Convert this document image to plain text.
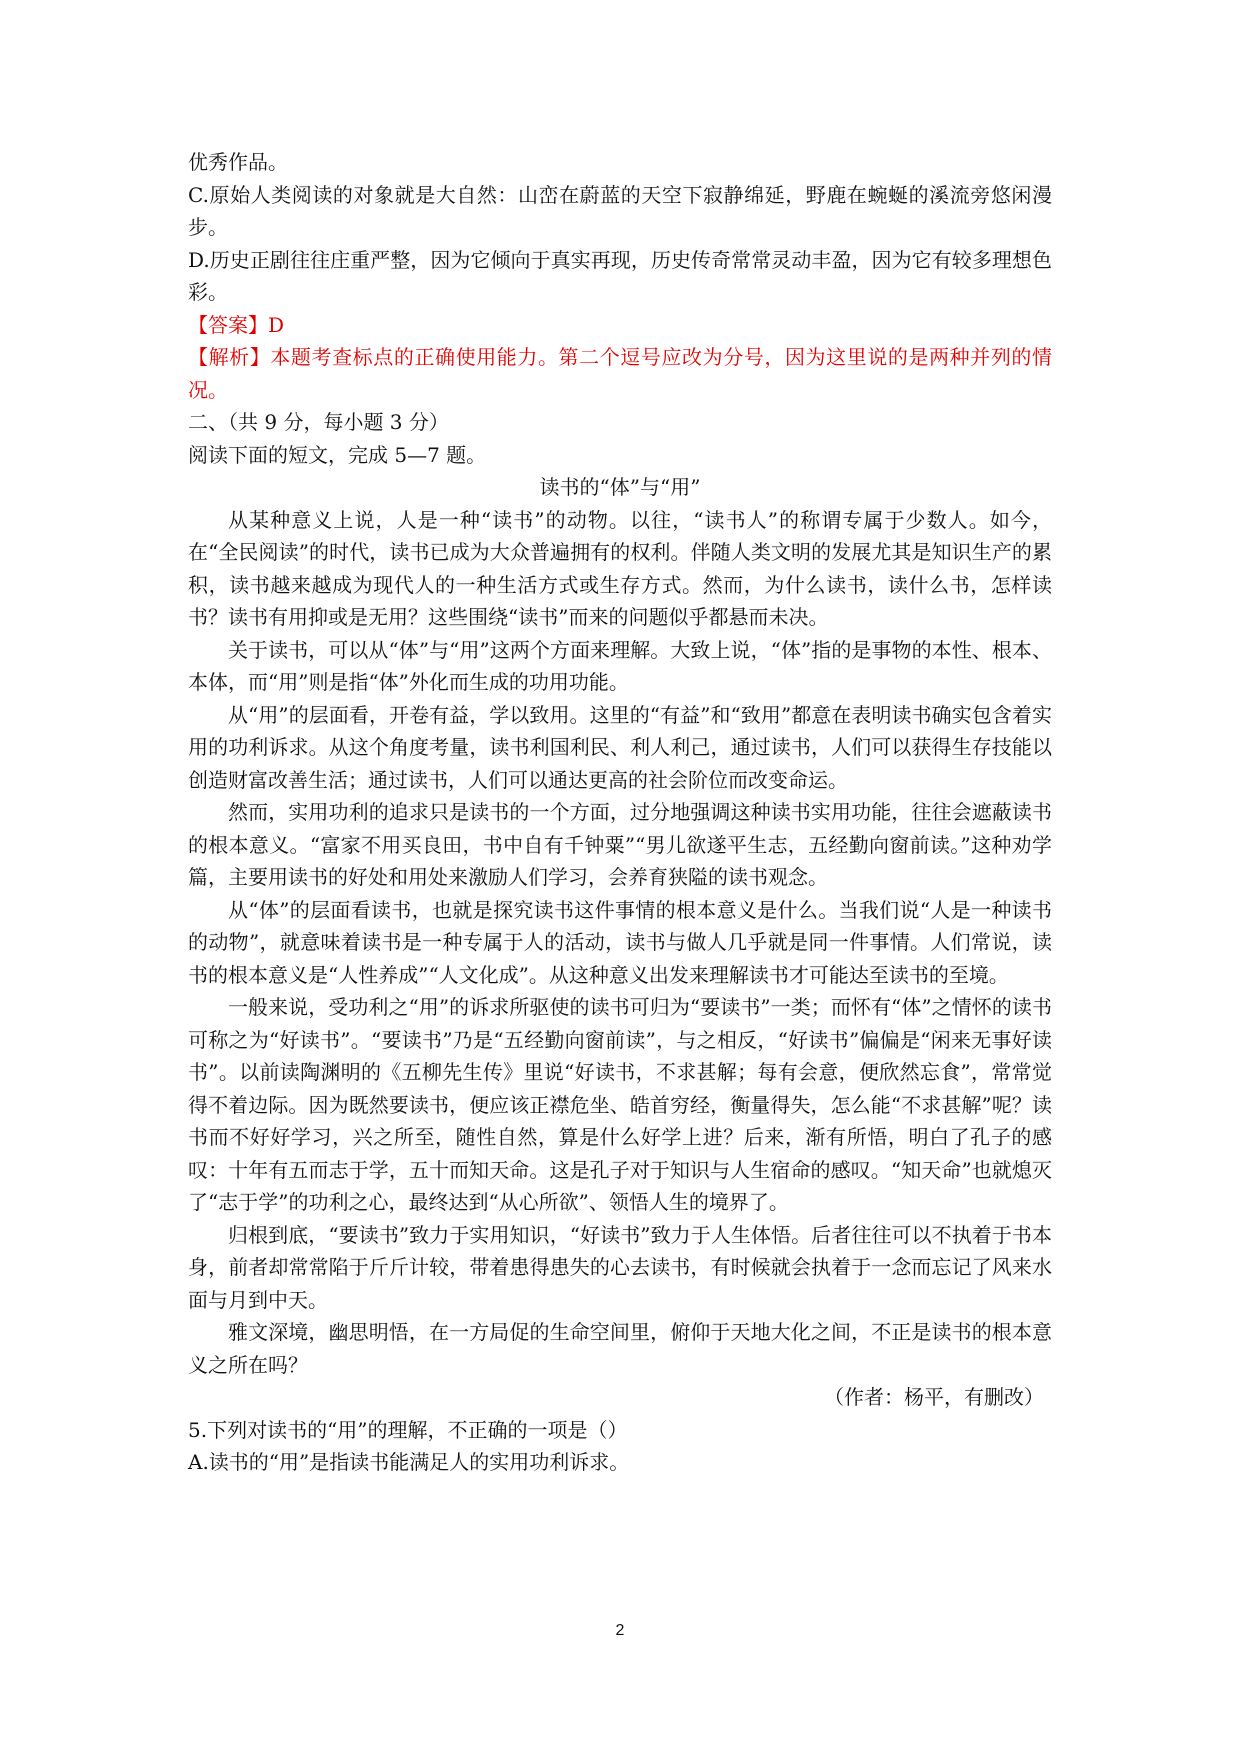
优秀作品。

C.原始人类阅读的对象就是大自然：山峦在蔚蓝的天空下寂静绵延，野鹿在蜿蜒的溪流旁悠闲漫步。

D.历史正剧往往庄重严整，因为它倾向于真实再现，历史传奇常常灵动丰盈，因为它有较多理想色彩。

【答案】D

【解析】本题考查标点的正确使用能力。第二个逗号应改为分号，因为这里说的是两种并列的情况。

二、（共 9 分，每小题 3 分）

阅读下面的短文，完成 5—7 题。

读书的“体”与“用”

从某种意义上说，人是一种“读书”的动物。以往，“读书人”的称谓专属于少数人。如今，在“全民阅读”的时代，读书已成为大众普遍拥有的权利。伴随人类文明的发展尤其是知识生产的累积，读书越来越成为现代人的一种生活方式或生存方式。然而，为什么读书，读什么书，怎样读书？读书有用抑或是无用？这些围绕“读书”而来的问题似乎都悬而未决。

关于读书，可以从“体”与“用”这两个方面来理解。大致上说，“体”指的是事物的本性、根本、本体，而“用”则是指“体”外化而生成的功用功能。

从“用”的层面看，开卷有益，学以致用。这里的“有益”和“致用”都意在表明读书确实包含着实用的功利诉求。从这个角度考量，读书利国利民、利人利己，通过读书，人们可以获得生存技能以创造财富改善生活；通过读书，人们可以通达更高的社会阶位而改变命运。

然而，实用功利的追求只是读书的一个方面，过分地强调这种读书实用功能，往往会遮蔽读书的根本意义。“富家不用买良田，书中自有千钟粟”“男儿欲遂平生志，五经勤向窗前读。”这种劝学篇，主要用读书的好处和用处来激励人们学习，会养育狭隘的读书观念。

从“体”的层面看读书，也就是探究读书这件事情的根本意义是什么。当我们说“人是一种读书的动物”，就意味着读书是一种专属于人的活动，读书与做人几乎就是同一件事情。人们常说，读书的根本意义是“人性养成”“人文化成”。从这种意义出发来理解读书才可能达至读书的至境。

一般来说，受功利之“用”的诉求所驱使的读书可归为“要读书”一类；而怀有“体”之情怀的读书可称之为“好读书”。“要读书”乃是“五经勤向窗前读”，与之相反，“好读书”偏偏是“闲来无事好读书”。以前读陶渊明的《五柳先生传》里说“好读书，不求甚解；每有会意，便欣然忘食”，常常觉得不着边际。因为既然要读书，便应该正襟危坐、皓首穷经，衡量得失，怎么能“不求甚解”呢？读书而不好好学习，兴之所至，随性自然，算是什么好学上进？后来，渐有所悟，明白了孔子的感叹：十年有五而志于学，五十而知天命。这是孔子对于知识与人生宿命的感叹。“知天命”也就熄灭了“志于学”的功利之心，最终达到“从心所欲”、领悟人生的境界了。

归根到底，“要读书”致力于实用知识，“好读书”致力于人生体悟。后者往往可以不执着于书本身，前者却常常陷于斤斤计较，带着患得患失的心去读书，有时候就会执着于一念而忘记了风来水面与月到中天。

雅文深境，幽思明悟，在一方局促的生命空间里，俯仰于天地大化之间，不正是读书的根本意义之所在吗？

（作者：杨平，有删改）

5.下列对读书的“用”的理解，不正确的一项是（）

A.读书的“用”是指读书能满足人的实用功利诉求。

2
